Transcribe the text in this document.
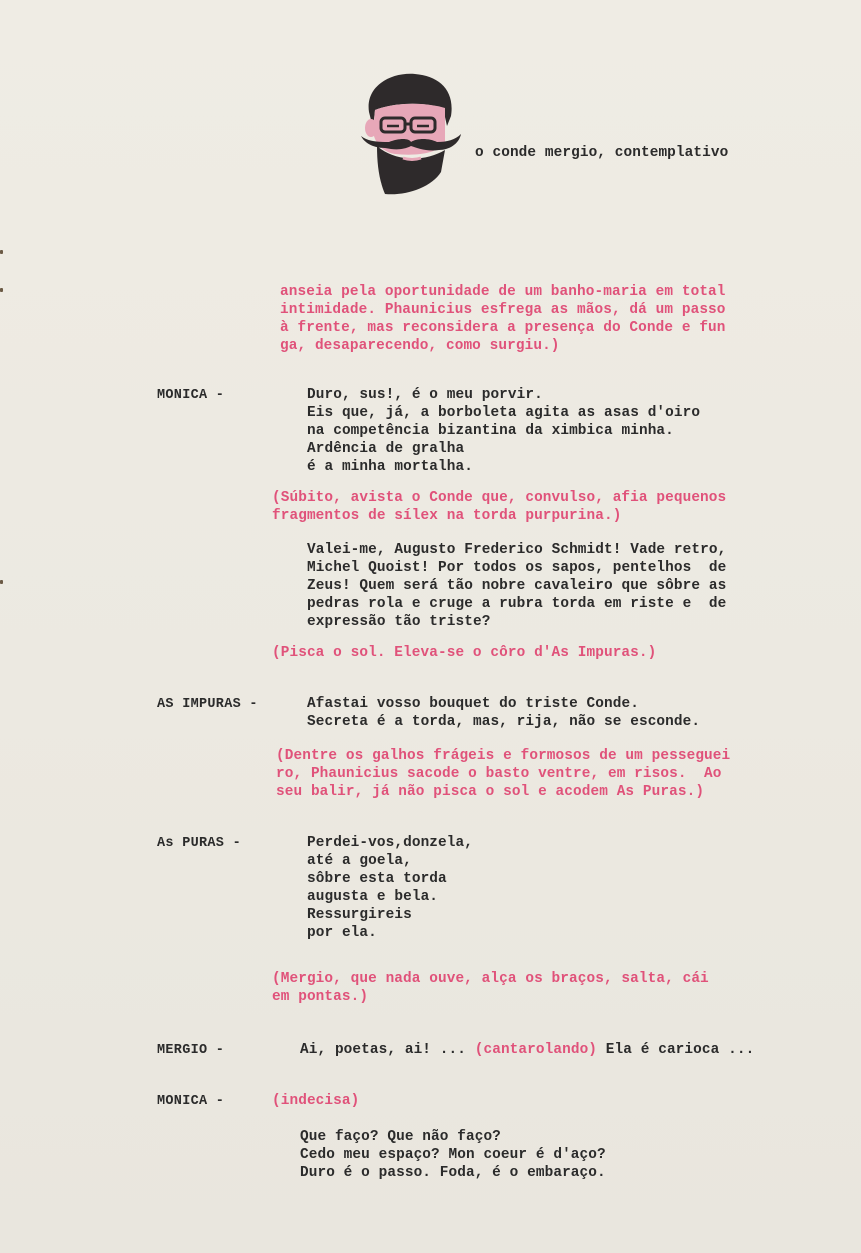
o conde mergio, contemplativo
anseia pela oportunidade de um banho-maria em total
intimidade. Phaunicius esfrega as mãos, dá um passo
à frente, mas reconsidera a presença do Conde e fun
ga, desaparecendo, como surgiu.)
MONICA -	Duro, sus!, é o meu porvir.
Eis que, já, a borboleta agita as asas d'oiro
na competência bizantina da ximbica minha.
Ardência de gralha
é a minha mortalha.
(Súbito, avista o Conde que, convulso, afia pequenos
fragmentos de sílex na torda purpurina.)
Valei-me, Augusto Frederico Schmidt! Vade retro,
Michel Quoist! Por todos os sapos, pentelhos  de
Zeus! Quem será tão nobre cavaleiro que sôbre as
pedras rola e cruge a rubra torda em riste e  de
expressão tão triste?
(Pisca o sol. Eleva-se o côro d'As Impuras.)
AS IMPURAS -	Afastai vosso bouquet do triste Conde.
Secreta é a torda, mas, rija, não se esconde.
(Dentre os galhos frágeis e formosos de um pesseguei
ro, Phaunicius sacode o basto ventre, em risos.  Ao
seu balir, já não pisca o sol e acodem As Puras.)
As PURAS -	Perdei-vos,donzela,
até a goela,
sôbre esta torda
augusta e bela.
Ressurgireis
por ela.
(Mergio, que nada ouve, alça os braços, salta, cái
em pontas.)
MERGIO -	Ai, poetas, ai! ... (cantarolando) Ela é carioca ...
MONICA -	(indecisa)
Que faço? Que não faço?
Cedo meu espaço? Mon coeur é d'aço?
Duro é o passo. Foda, é o embaraço.
